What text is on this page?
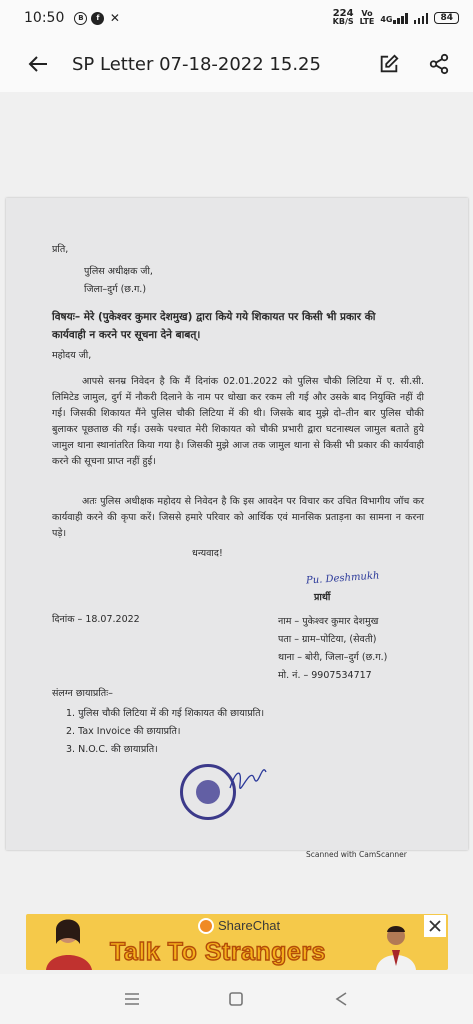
10:50	B	f ✕	224
KB/S
Vo
LTE 4G	84
SP Letter 07-18-2022 15.25
प्रति,
पुलिस अधीक्षक जी,
जिला–दुर्ग (छ.ग.)
विषयः– मेरे (पुकेश्वर कुमार देशमुख) द्वारा किये गये शिकायत पर किसी भी प्रकार की
कार्यवाही न करने पर सूचना देने बाबत्।
महोदय जी,
आपसे सनम्र निवेदन है कि मैं दिनांक 02.01.2022 को पुलिस चौकी लिटिया में ए. सी.सी. लिमिटेड जामुल, दुर्ग में नौकरी दिलाने के नाम पर धोखा कर रकम ली गई और उसके बाद नियुक्ति नहीं दी गई। जिसकी शिकायत मैंने पुलिस चौकी लिटिया में की थी। जिसके बाद मुझे दो–तीन बार पुलिस चौकी बुलाकर पूछताछ की गई। उसके पश्चात मेरी शिकायत को चौकी प्रभारी द्वारा घटनास्थल जामुल बताते हुये जामुल थाना स्थानांतरित किया गया है। जिसकी मुझे आज तक जामुल थाना से किसी भी प्रकार की कार्यवाही करने की सूचना प्राप्त नहीं हुई।
अतः पुलिस अधीक्षक महोदय से निवेदन है कि इस आवदेन पर विचार कर उचित विभागीय जॉच कर कार्यवाही करने की कृपा करें। जिससे हमारे परिवार को आर्थिक एवं मानसिक प्रताड़ना का सामना न करना पड़े।
धन्यवाद!
Pu. Deshmukh
प्रार्थी
दिनांक – 18.07.2022	नाम – पुकेश्वर कुमार देशमुख
पता – ग्राम–पोटिया, (सेवती)
थाना – बोरी, जिला–दुर्ग (छ.ग.)
मो. नं. – 9907534717
संलग्न छायाप्रतिः–
1. पुलिस चौकी लिटिया में की गई शिकायत की छायाप्रति।
2. Tax Invoice की छायाप्रति।
3. N.O.C. की छायाप्रति।
Scanned with CamScanner
ShareChat
Talk To Strangers
